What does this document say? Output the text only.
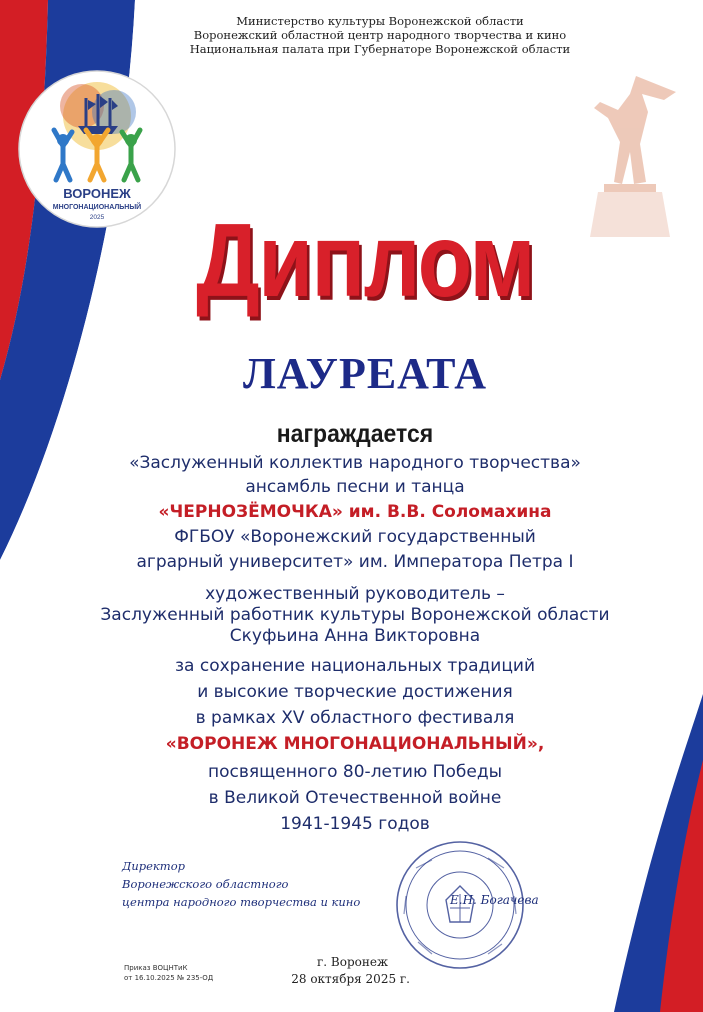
Министерство культуры Воронежской области
Воронежский областной центр народного творчества и кино
Национальная палата при Губернаторе Воронежской области
ВОРОНЕЖ
МНОГОНАЦИОНАЛЬНЫЙ
2025 Диплом
ЛАУРЕАТА
награждается
«Заслуженный коллектив народного творчества»
ансамбль песни и танца
«ЧЕРНОЗЁМОЧКА» им. В.В. Соломахина
ФГБОУ «Воронежский государственный
аграрный университет» им. Императора Петра I
художественный руководитель –
Заслуженный работник культуры Воронежской области
Скуфьина Анна Викторовна
за сохранение национальных традиций
и высокие творческие достижения
в рамках XV областного фестиваля
«ВОРОНЕЖ МНОГОНАЦИОНАЛЬНЫЙ»,
посвященного 80-летию Победы
в Великой Отечественной войне
1941-1945 годов
Директор
Воронежского областного
центра народного творчества и кино	Е.Н. Богачева
Приказ ВОЦНТиК
от 16.10.2025 № 235-ОД
г. Воронеж
28 октября 2025 г.
